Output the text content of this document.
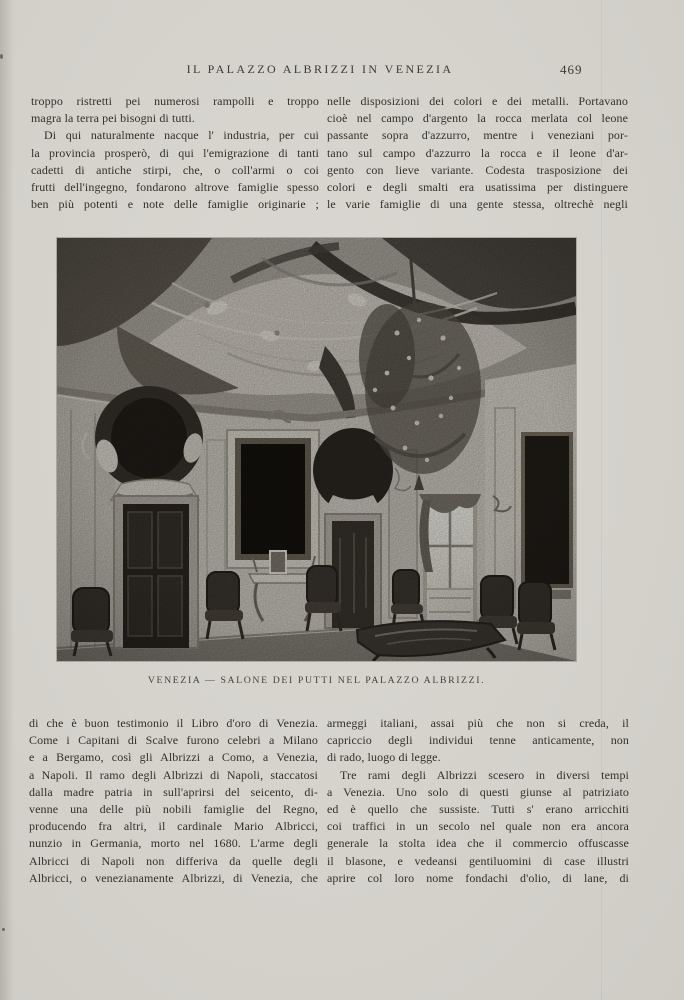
IL PALAZZO ALBRIZZI IN VENEZIA	469
troppo ristretti pei numerosi rampolli e troppo
magra la terra pei bisogni di tutti.
Di qui naturalmente nacque l' industria, per cui
la provincia prosperò, di qui l'emigrazione di tanti
cadetti di antiche stirpi, che, o coll'armi o coi
frutti dell'ingegno, fondarono altrove famiglie spesso
ben più potenti e note delle famiglie originarie ;
nelle disposizioni dei colori e dei metalli. Portavano
cioè nel campo d'argento la rocca merlata col leone
passante sopra d'azzurro, mentre i veneziani por-
tano sul campo d'azzurro la rocca e il leone d'ar-
gento con lieve variante. Codesta trasposizione dei
colori e degli smalti era usatissima per distinguere
le varie famiglie di una gente stessa, oltrechè negli
VENEZIA — SALONE DEI PUTTI NEL PALAZZO ALBRIZZI.
di che è buon testimonio il Libro d'oro di Venezia.
Come i Capitani di Scalve furono celebri a Milano
e a Bergamo, così gli Albrizzi a Como, a Venezia,
a Napoli. Il ramo degli Albrizzi di Napoli, staccatosi
dalla madre patria in sull'aprirsi del seicento, di-
venne una delle più nobili famiglie del Regno,
producendo fra altri, il cardinale Mario Albricci,
nunzio in Germania, morto nel 1680. L'arme degli
Albricci di Napoli non differiva da quelle degli
Albricci, o venezianamente Albrizzi, di Venezia, che
armeggi italiani, assai più che non si creda, il
capriccio degli individui tenne anticamente, non
di rado, luogo di legge.
Tre rami degli Albrizzi scesero in diversi tempi
a Venezia. Uno solo di questi giunse al patriziato
ed è quello che sussiste. Tutti s' erano arricchiti
coi traffici in un secolo nel quale non era ancora
generale la stolta idea che il commercio offuscasse
il blasone, e vedeansi gentiluomini di case illustri
aprire col loro nome fondachi d'olio, di lane, di
